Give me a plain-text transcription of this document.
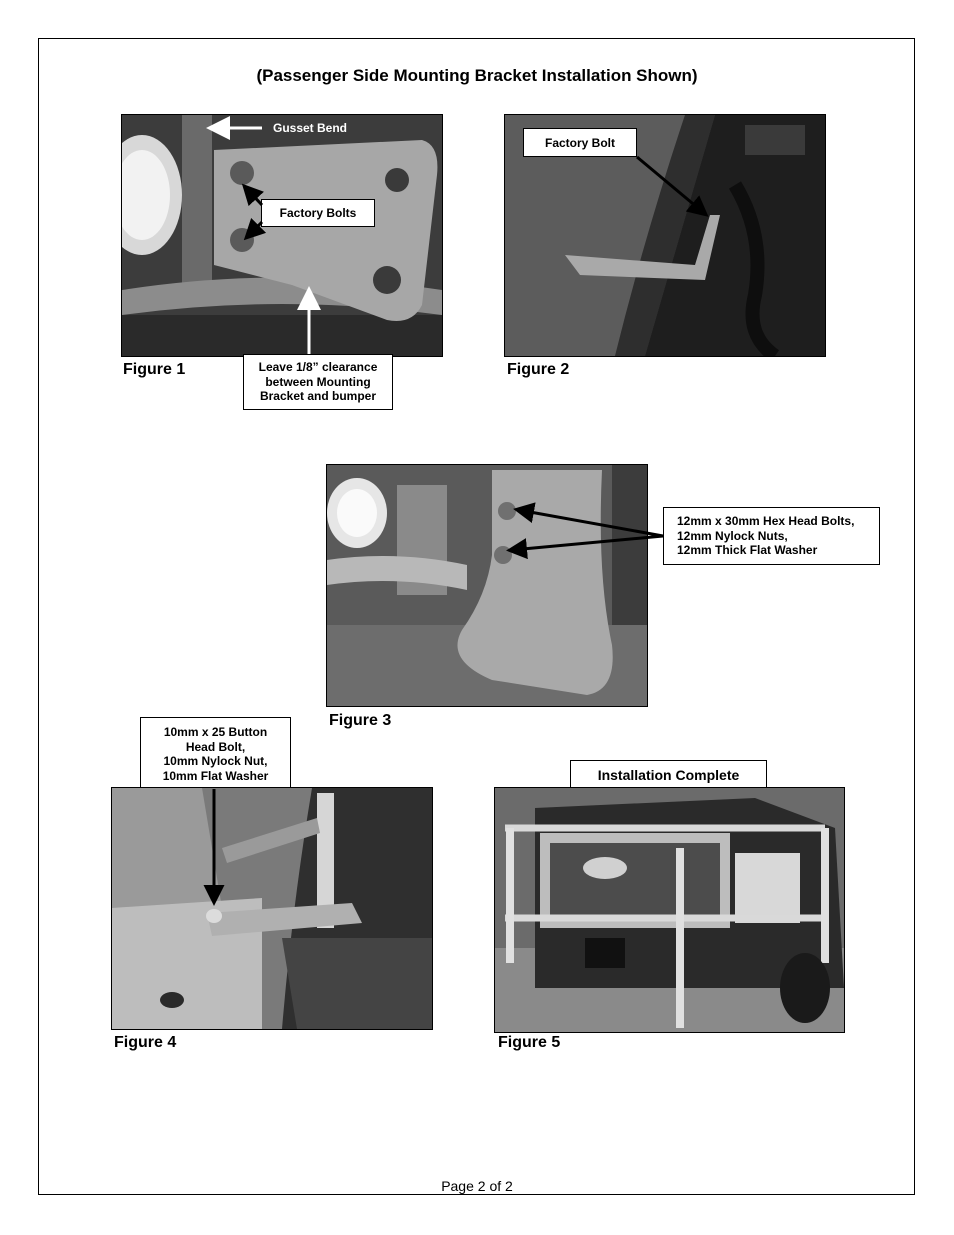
(Passenger Side Mounting Bracket Installation Shown)
Gusset Bend
Factory Bolts
Figure 1	Leave 1/8” clearance between Mounting Bracket and bumper
Factory Bolt
Figure 2
12mm x 30mm Hex Head Bolts,
12mm Nylock Nuts,
12mm Thick Flat Washer
Figure 3
10mm x 25 Button
Head Bolt,
10mm Nylock Nut,
10mm Flat Washer
Figure 4
Installation Complete
Figure 5
Page 2 of 2
